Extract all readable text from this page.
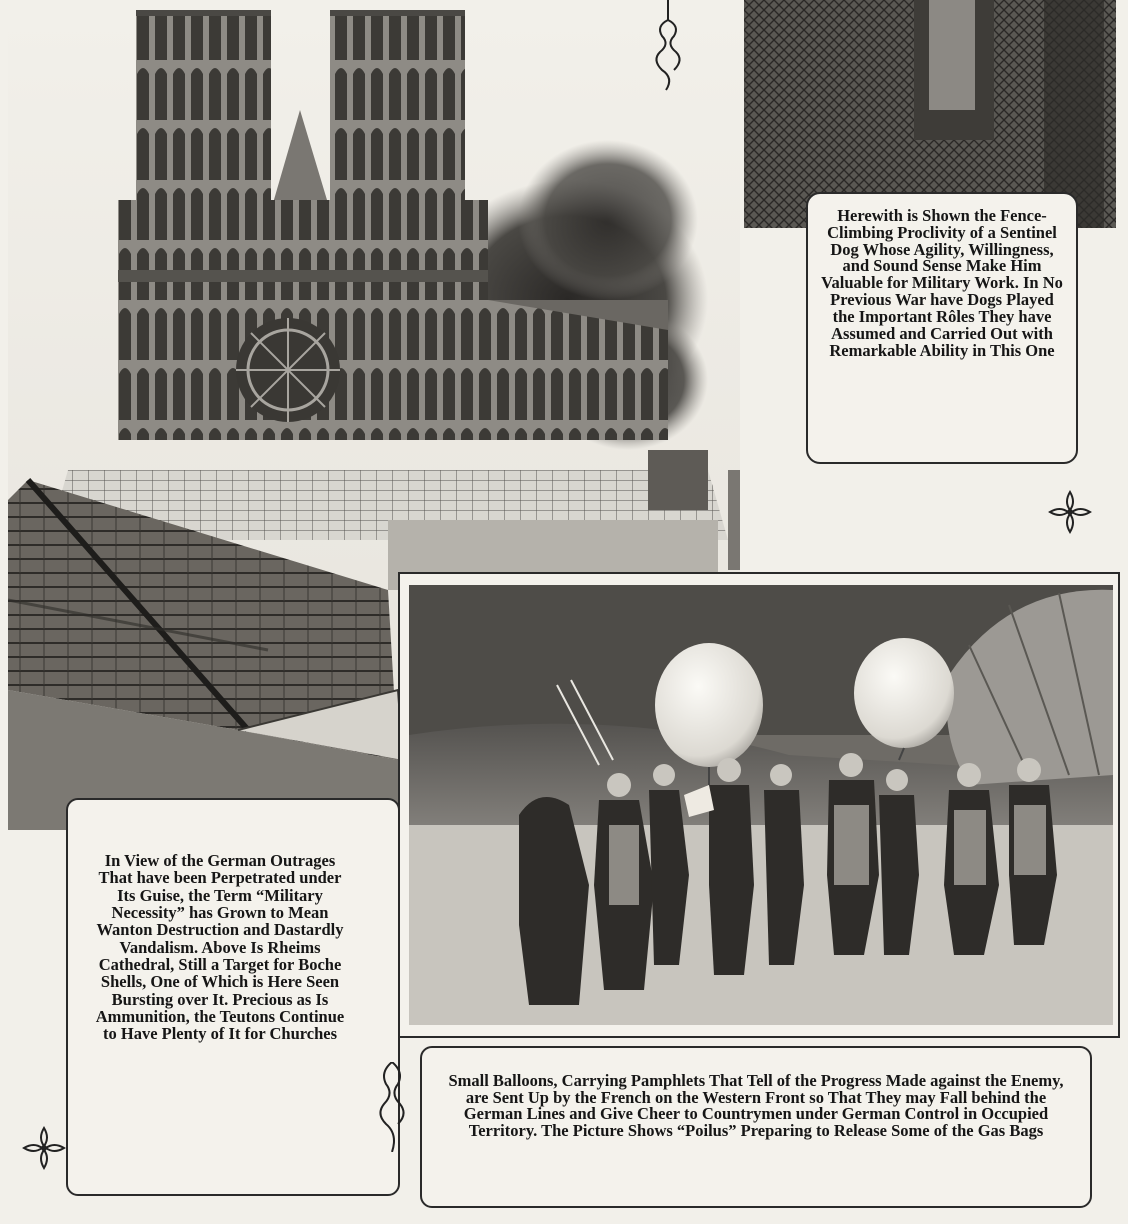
Herewith is Shown the Fence-Climbing Proclivity of a Sentinel Dog Whose Agility, Willingness, and Sound Sense Make Him Valuable for Military Work. In No Previous War have Dogs Played the Important Rôles They have Assumed and Carried Out with Remarkable Ability in This One
In View of the German Outrages That have been Perpetrated under Its Guise, the Term “Military Necessity” has Grown to Mean Wanton Destruction and Dastardly Vandalism. Above Is Rheims Cathedral, Still a Target for Boche Shells, One of Which is Here Seen Bursting over It. Precious as Is Ammunition, the Teutons Continue to Have Plenty of It for Churches
Small Balloons, Carrying Pamphlets That Tell of the Progress Made against the Enemy, are Sent Up by the French on the Western Front so That They may Fall behind the German Lines and Give Cheer to Countrymen under German Control in Occupied Territory. The Picture Shows “Poilus” Preparing to Release Some of the Gas Bags
